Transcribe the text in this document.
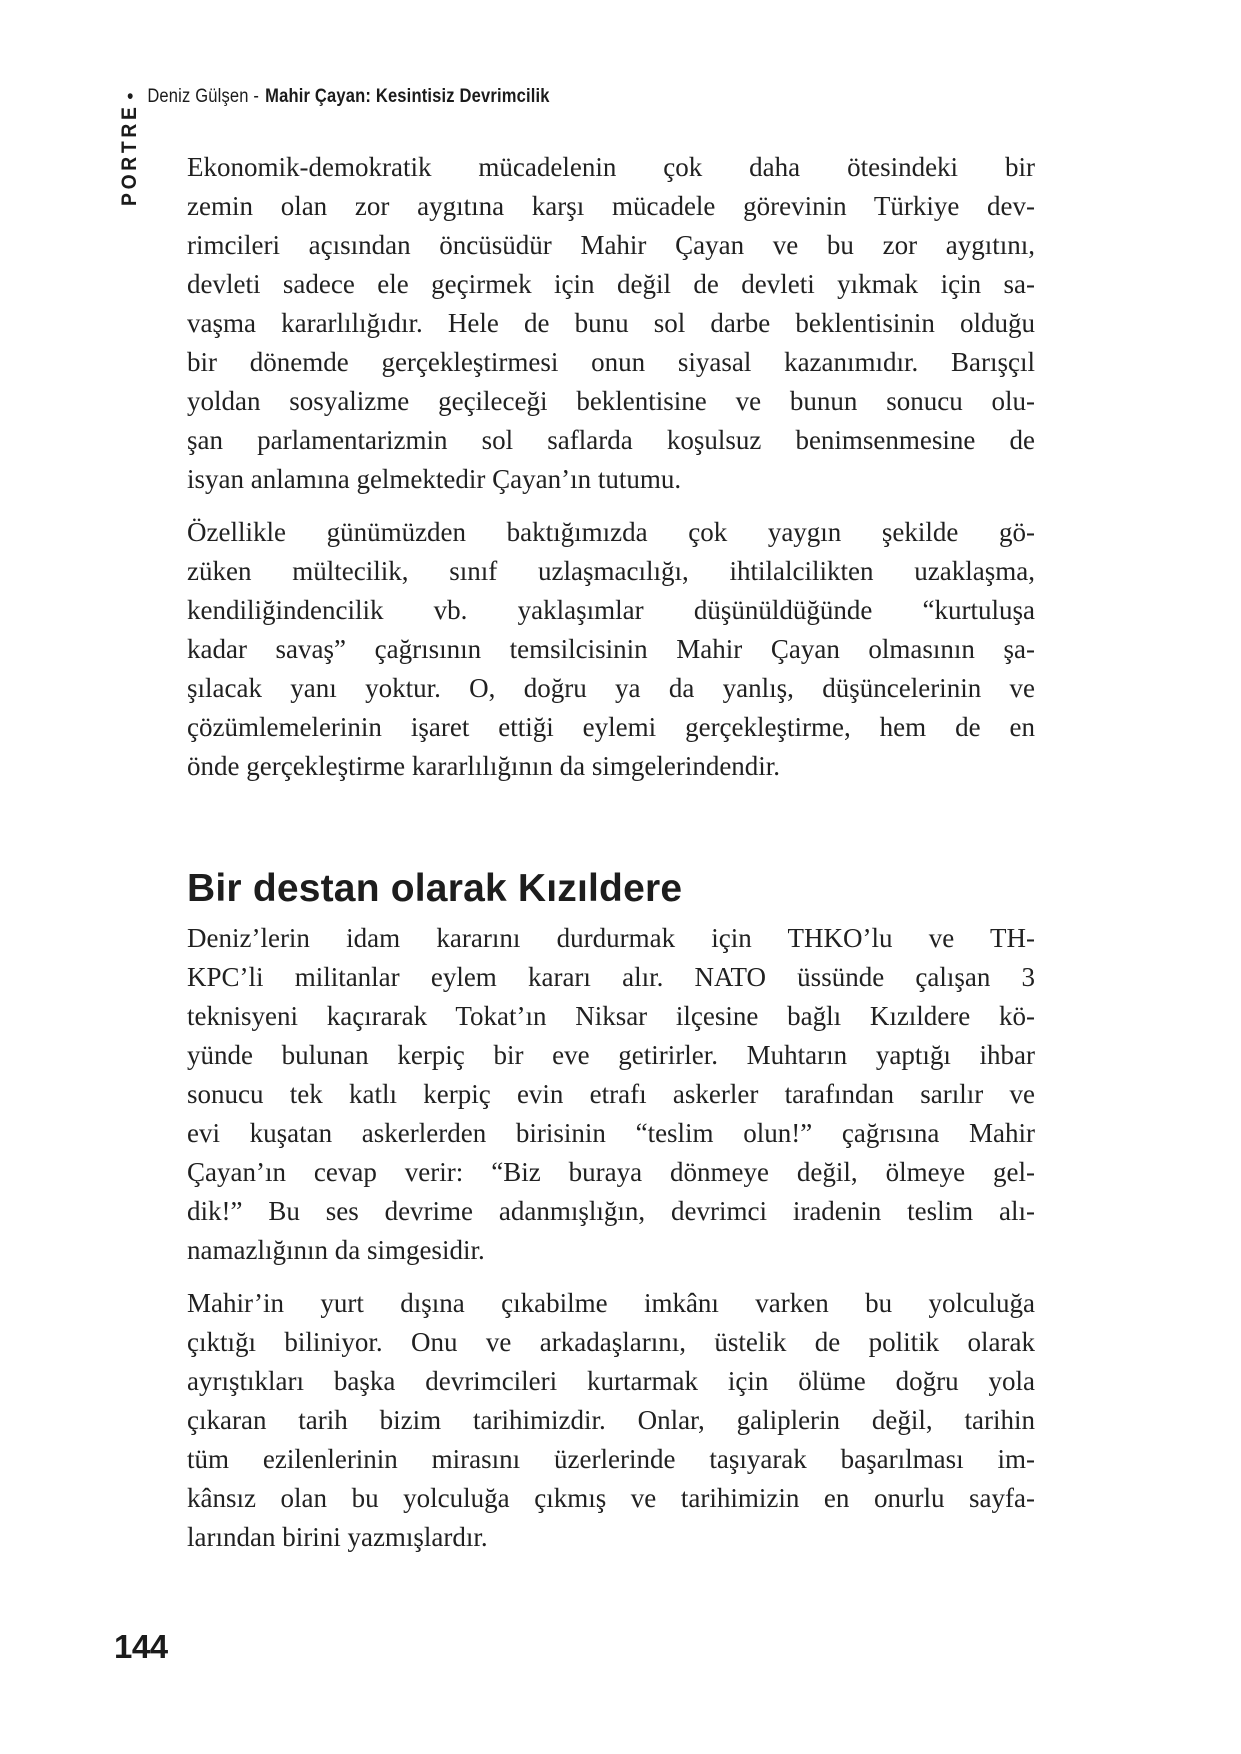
• Deniz Gülşen - Mahir Çayan: Kesintisiz Devrimcilik
PORTRE Ekonomik-demokratik mücadelenin çok daha ötesindeki bir
zemin olan zor aygıtına karşı mücadele görevinin Türkiye dev-
rimcileri açısından öncüsüdür Mahir Çayan ve bu zor aygıtını,
devleti sadece ele geçirmek için değil de devleti yıkmak için sa-
vaşma kararlılığıdır. Hele de bunu sol darbe beklentisinin olduğu
bir dönemde gerçekleştirmesi onun siyasal kazanımıdır. Barışçıl
yoldan sosyalizme geçileceği beklentisine ve bunun sonucu olu-
şan parlamentarizmin sol saflarda koşulsuz benimsenmesine de
isyan anlamına gelmektedir Çayan’ın tutumu.

Özellikle günümüzden baktığımızda çok yaygın şekilde gö-
züken mültecilik, sınıf uzlaşmacılığı, ihtilalcilikten uzaklaşma,
kendiliğindencilik vb. yaklaşımlar düşünüldüğünde “kurtuluşa
kadar savaş” çağrısının temsilcisinin Mahir Çayan olmasının şa-
şılacak yanı yoktur. O, doğru ya da yanlış, düşüncelerinin ve
çözümlemelerinin işaret ettiği eylemi gerçekleştirme, hem de en
önde gerçekleştirme kararlılığının da simgelerindendir.

Bir destan olarak Kızıldere

Deniz’lerin idam kararını durdurmak için THKO’lu ve TH-
KPC’li militanlar eylem kararı alır. NATO üssünde çalışan 3
teknisyeni kaçırarak Tokat’ın Niksar ilçesine bağlı Kızıldere kö-
yünde bulunan kerpiç bir eve getirirler. Muhtarın yaptığı ihbar
sonucu tek katlı kerpiç evin etrafı askerler tarafından sarılır ve
evi kuşatan askerlerden birisinin “teslim olun!” çağrısına Mahir
Çayan’ın cevap verir: “Biz buraya dönmeye değil, ölmeye gel-
dik!” Bu ses devrime adanmışlığın, devrimci iradenin teslim alı-
namazlığının da simgesidir.

Mahir’in yurt dışına çıkabilme imkânı varken bu yolculuğa
çıktığı biliniyor. Onu ve arkadaşlarını, üstelik de politik olarak
ayrıştıkları başka devrimcileri kurtarmak için ölüme doğru yola
çıkaran tarih bizim tarihimizdir. Onlar, galiplerin değil, tarihin
tüm ezilenlerinin mirasını üzerlerinde taşıyarak başarılması im-
kânsız olan bu yolculuğa çıkmış ve tarihimizin en onurlu sayfa-
larından birini yazmışlardır.

144
